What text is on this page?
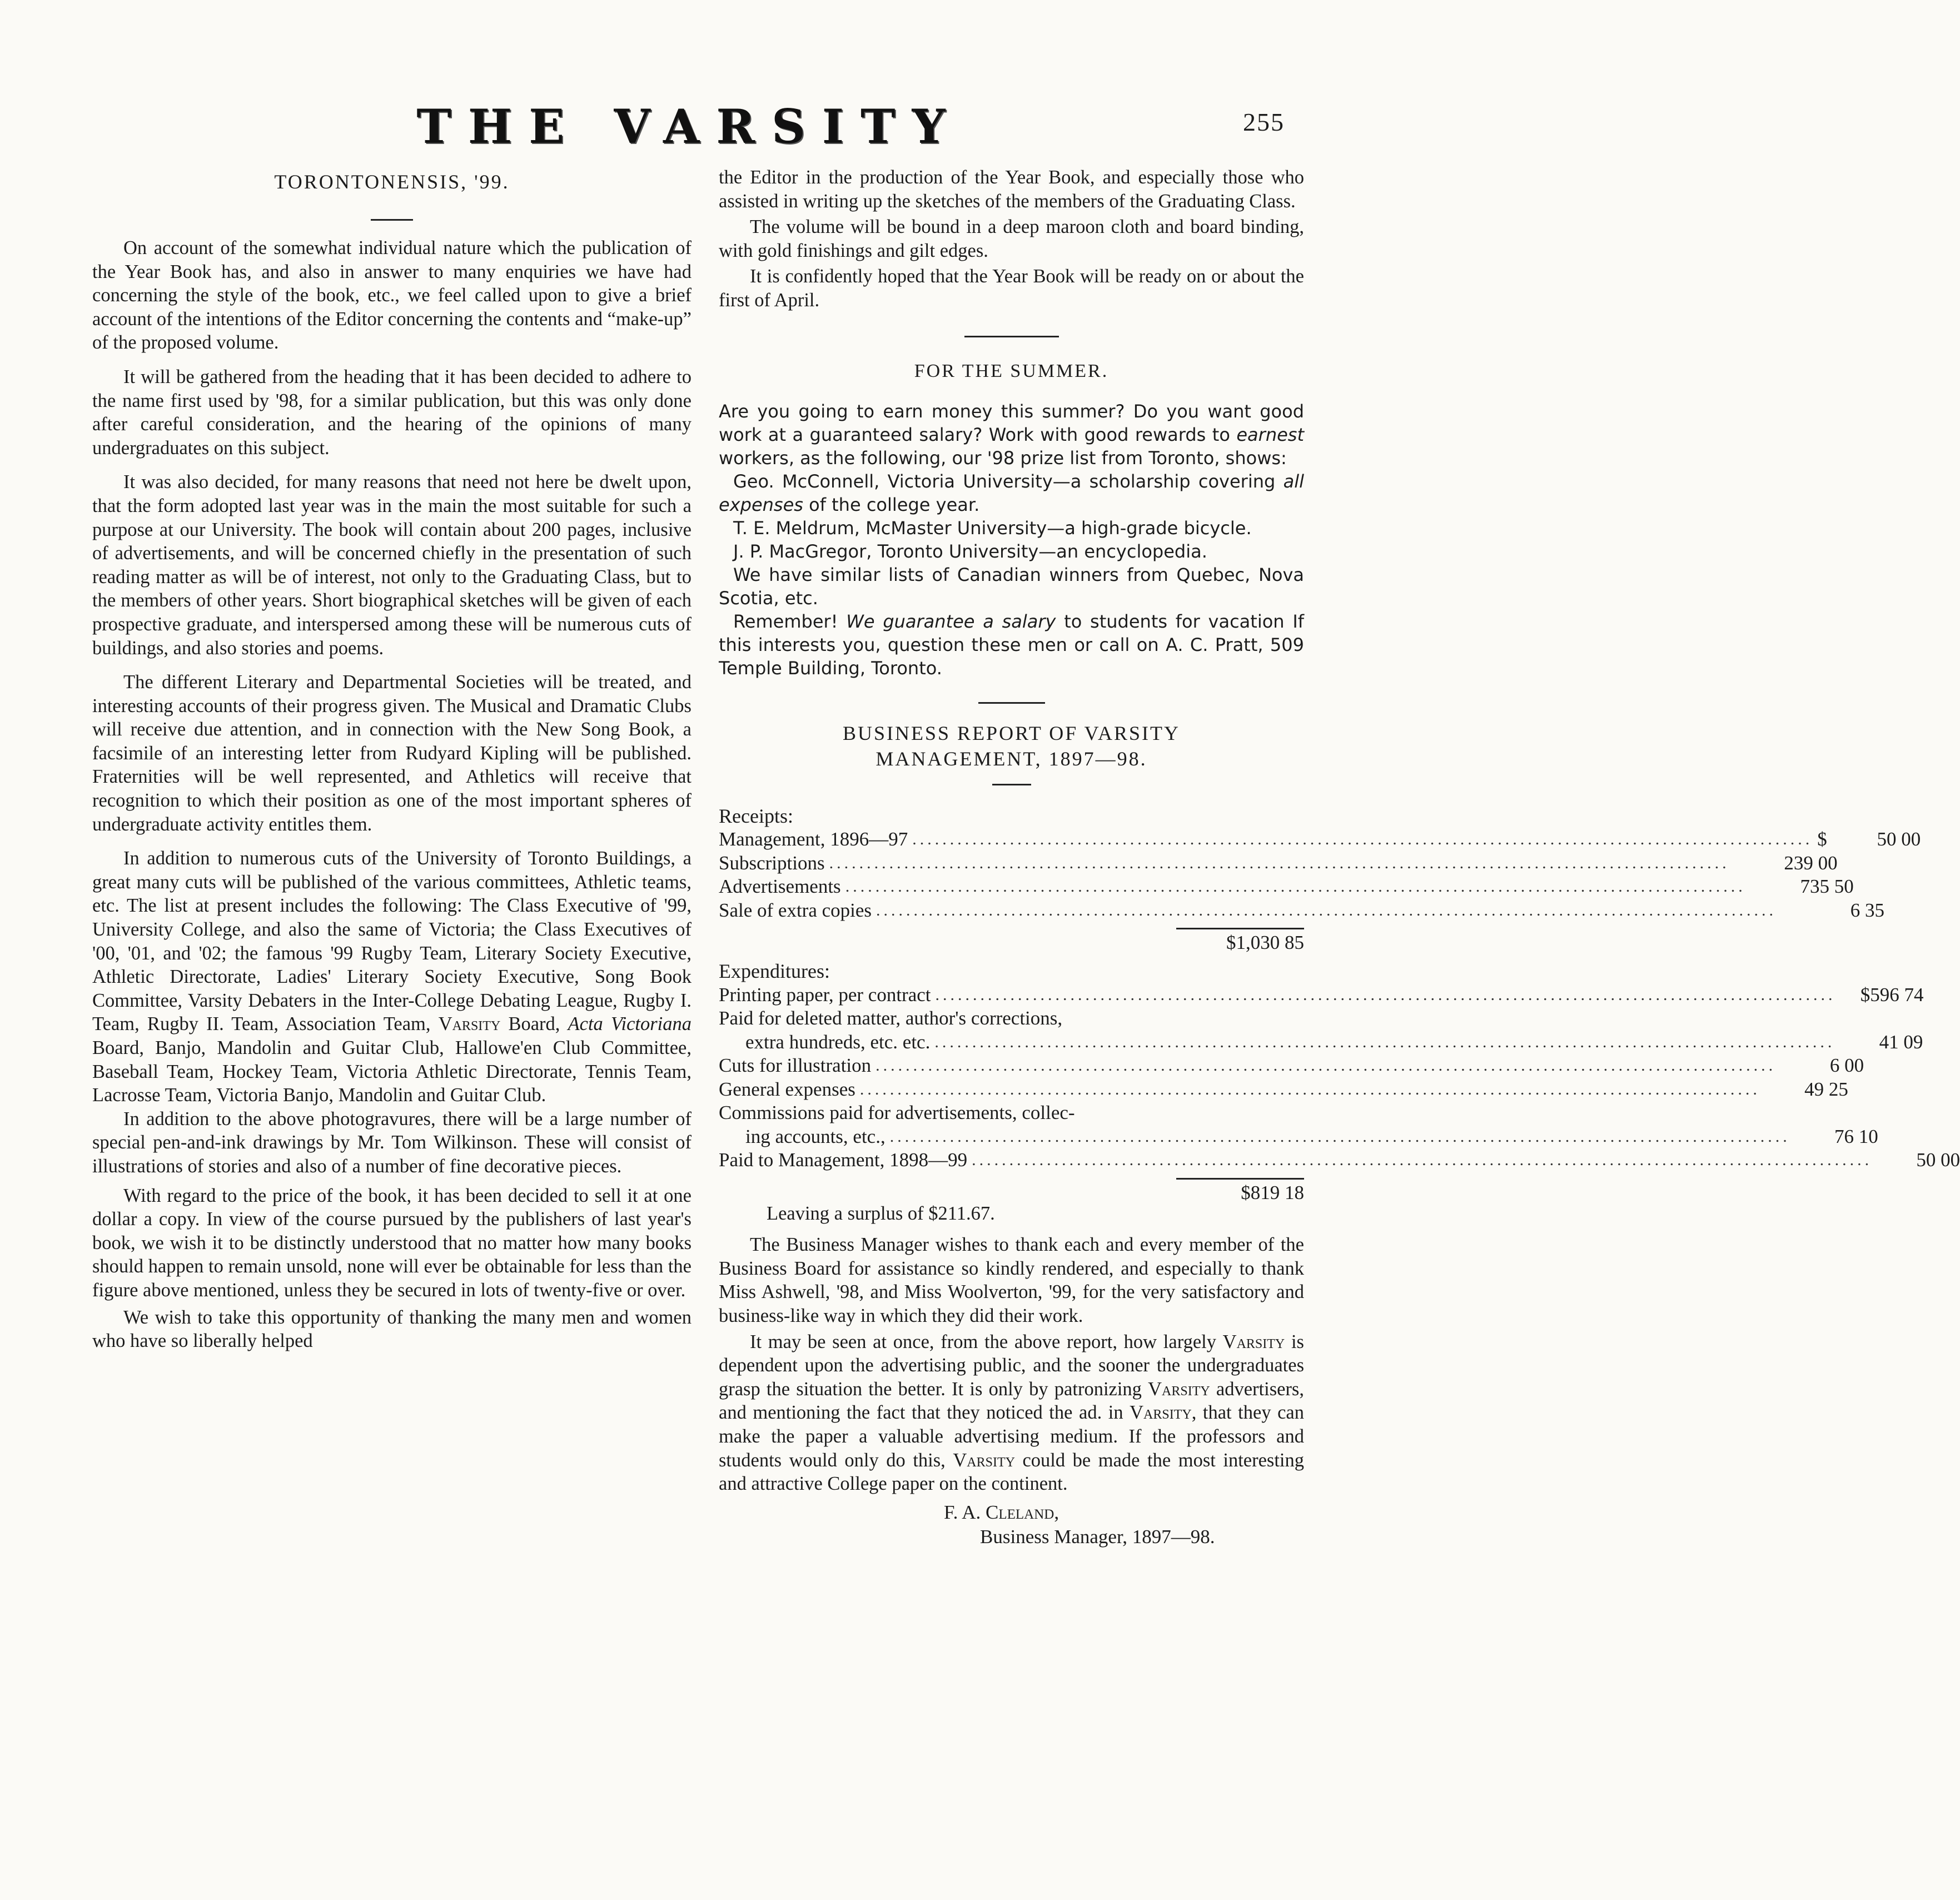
THE VARSITY	255

TORONTONENSIS, '99.

On account of the somewhat individual nature which the publication of the Year Book has, and also in answer to many enquiries we have had concerning the style of the book, etc., we feel called upon to give a brief account of the intentions of the Editor concerning the contents and “make-up” of the proposed volume.

It will be gathered from the heading that it has been decided to adhere to the name first used by '98, for a similar publication, but this was only done after careful consideration, and the hearing of the opinions of many undergraduates on this subject.

It was also decided, for many reasons that need not here be dwelt upon, that the form adopted last year was in the main the most suitable for such a purpose at our University. The book will contain about 200 pages, inclusive of advertisements, and will be concerned chiefly in the presentation of such reading matter as will be of interest, not only to the Graduating Class, but to the members of other years. Short biographical sketches will be given of each prospective graduate, and interspersed among these will be numerous cuts of buildings, and also stories and poems.

The different Literary and Departmental Societies will be treated, and interesting accounts of their progress given. The Musical and Dramatic Clubs will receive due attention, and in connection with the New Song Book, a facsimile of an interesting letter from Rudyard Kipling will be published. Fraternities will be well represented, and Athletics will receive that recognition to which their position as one of the most important spheres of undergraduate activity entitles them.

In addition to numerous cuts of the University of Toronto Buildings, a great many cuts will be published of the various committees, Athletic teams, etc. The list at present includes the following: The Class Executive of '99, University College, and also the same of Victoria; the Class Executives of '00, '01, and '02; the famous '99 Rugby Team, Literary Society Executive, Athletic Directorate, Ladies' Literary Society Executive, Song Book Committee, Varsity Debaters in the Inter-College Debating League, Rugby I. Team, Rugby II. Team, Association Team, Varsity Board, Acta Victoriana Board, Banjo, Mandolin and Guitar Club, Hallowe'en Club Committee, Baseball Team, Hockey Team, Victoria Athletic Directorate, Tennis Team, Lacrosse Team, Victoria Banjo, Mandolin and Guitar Club.

In addition to the above photogravures, there will be a large number of special pen-and-ink drawings by Mr. Tom Wilkinson. These will consist of illustrations of stories and also of a number of fine decorative pieces.

With regard to the price of the book, it has been decided to sell it at one dollar a copy. In view of the course pursued by the publishers of last year's book, we wish it to be distinctly understood that no matter how many books should happen to remain unsold, none will ever be obtainable for less than the figure above mentioned, unless they be secured in lots of twenty-five or over.

We wish to take this opportunity of thanking the many men and women who have so liberally helped

the Editor in the production of the Year Book, and especially those who assisted in writing up the sketches of the members of the Graduating Class.

The volume will be bound in a deep maroon cloth and board binding, with gold finishings and gilt edges.

It is confidently hoped that the Year Book will be ready on or about the first of April.

FOR THE SUMMER.

Are you going to earn money this summer? Do you want good work at a guaranteed salary? Work with good rewards to earnest workers, as the following, our '98 prize list from Toronto, shows:

Geo. McConnell, Victoria University—a scholarship covering all expenses of the college year.

T. E. Meldrum, McMaster University—a high-grade bicycle.

J. P. MacGregor, Toronto University—an encyclopedia.

We have similar lists of Canadian winners from Quebec, Nova Scotia, etc.

Remember! We guarantee a salary to students for vacation If this interests you, question these men or call on A. C. Pratt, 509 Temple Building, Toronto.

BUSINESS REPORT OF VARSITY

MANAGEMENT, 1897—98.

Receipts:

Management, 1896—97 ........................................................................................................................ $	50 00
Subscriptions ........................................................................................................................	239 00
Advertisements ........................................................................................................................	735 50
Sale of extra copies ........................................................................................................................	6 35

$1,030 85

Expenditures:

Printing paper, per contract ........................................................................................................................	$596 74
Paid for deleted matter, author's corrections,
extra hundreds, etc. etc. ........................................................................................................................	41 09
Cuts for illustration ........................................................................................................................	6 00
General expenses ........................................................................................................................	49 25
Commissions paid for advertisements, collec-
ing accounts, etc., ........................................................................................................................	76 10
Paid to Management, 1898—99 ........................................................................................................................	50 00

$819 18

Leaving a surplus of $211.67.

The Business Manager wishes to thank each and every member of the Business Board for assistance so kindly rendered, and especially to thank Miss Ashwell, '98, and Miss Woolverton, '99, for the very satisfactory and business-like way in which they did their work.

It may be seen at once, from the above report, how largely Varsity is dependent upon the advertising public, and the sooner the undergraduates grasp the situation the better. It is only by patronizing Varsity advertisers, and mentioning the fact that they noticed the ad. in Varsity, that they can make the paper a valuable advertising medium. If the professors and students would only do this, Varsity could be made the most interesting and attractive College paper on the continent.

F. A. Cleland,

Business Manager, 1897—98.
